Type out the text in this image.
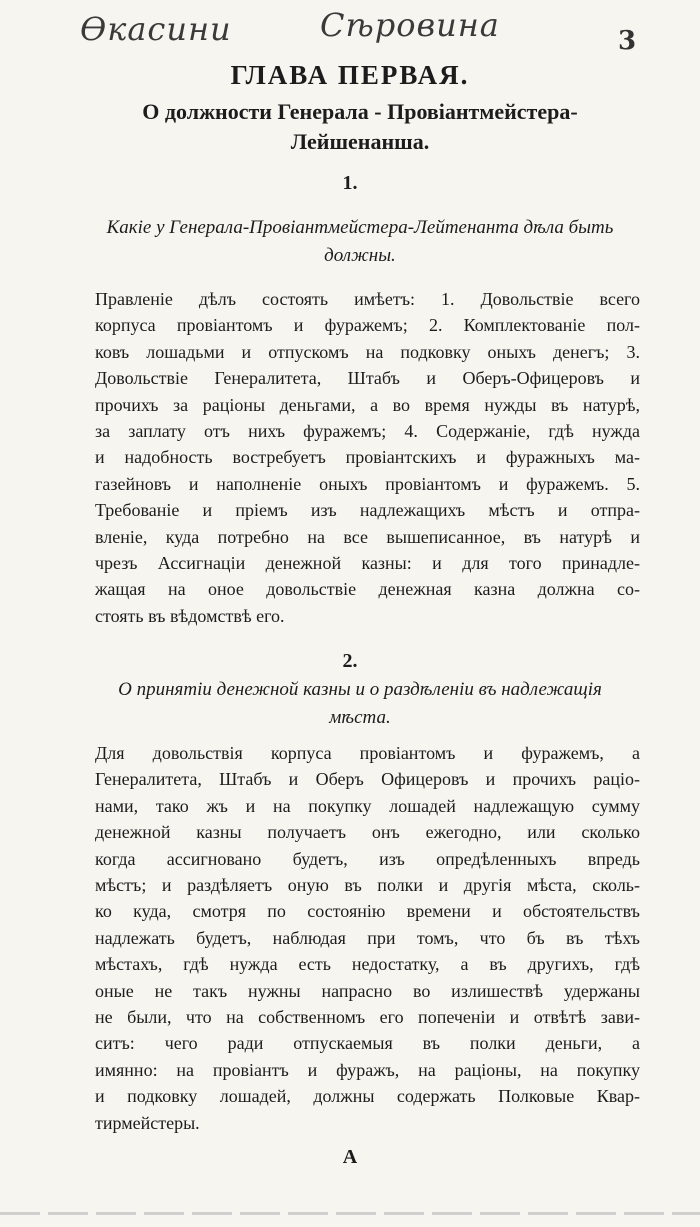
Ѳкасини	Сѣровина	3
ГЛАВА ПЕРВАЯ.
О должности Генерала - Провіантмейстера-
Лейшенанша.
1.
Какіе у Генерала-Провіантмейстера-Лейтенанта дѣла быть
должны.
Правленіе дѣлъ состоять имѣетъ: 1. Довольствіе всего
корпуса провіантомъ и фуражемъ; 2. Комплектованіе пол-
ковъ лошадьми и отпускомъ на подковку оныхъ денегъ; 3.
Довольствіе Генералитета, Штабъ и Оберъ-Офицеровъ и
прочихъ за раціоны деньгами, а во время нужды въ натурѣ,
за заплату отъ нихъ фуражемъ; 4. Содержаніе, гдѣ нужда
и надобность востребуетъ провіантскихъ и фуражныхъ ма-
газейновъ и наполненіе оныхъ провіантомъ и фуражемъ. 5.
Требованіе и пріемъ изъ надлежащихъ мѣстъ и отпра-
вленіе, куда потребно на все вышеписанное, въ натурѣ и
чрезъ Ассигнаціи денежной казны: и для того принадле-
жащая на оное довольствіе денежная казна должна со-
стоять въ вѣдомствѣ его.
2.
О принятіи денежной казны и о раздѣленіи въ надлежащія
мѣста.
Для довольствія корпуса провіантомъ и фуражемъ, а
Генералитета, Штабъ и Оберъ Офицеровъ и прочихъ раціо-
нами, тако жъ и на покупку лошадей надлежащую сумму
денежной казны получаетъ онъ ежегодно, или сколько
когда ассигновано будетъ, изъ опредѣленныхъ впредь
мѣстъ; и раздѣляетъ оную въ полки и другія мѣста, сколь-
ко куда, смотря по состоянію времени и обстоятельствъ
надлежать будетъ, наблюдая при томъ, что бъ въ тѣхъ
мѣстахъ, гдѣ нужда есть недостатку, а въ другихъ, гдѣ
оные не такъ нужны напрасно во излишествѣ удержаны
не были, что на собственномъ его попеченіи и отвѣтѣ зави-
ситъ: чего ради отпускаемыя въ полки деньги, а
имянно: на провіантъ и фуражъ, на раціоны, на покупку
и подковку лошадей, должны содержать Полковые Квар-
тирмейстеры.
A
